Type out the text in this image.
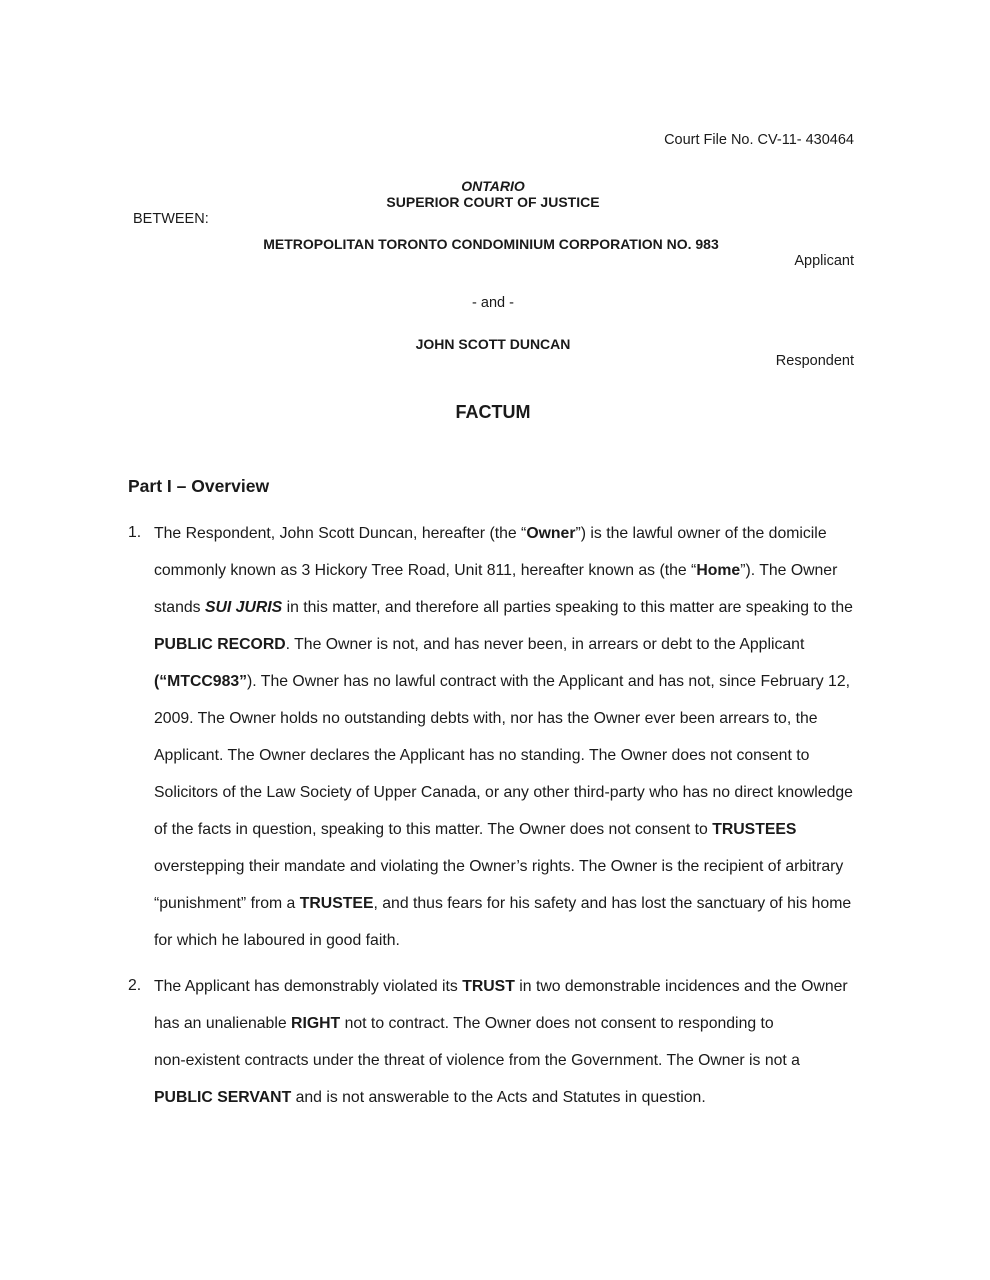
Court File No. CV-11- 430464
ONTARIO
SUPERIOR COURT OF JUSTICE
BETWEEN:
METROPOLITAN TORONTO CONDOMINIUM CORPORATION NO. 983
Applicant
- and -
JOHN SCOTT DUNCAN
Respondent
FACTUM
Part I – Overview
1. The Respondent, John Scott Duncan, hereafter (the “Owner”) is the lawful owner of the domicile
commonly known as 3 Hickory Tree Road, Unit 811, hereafter known as (the “Home”). The Owner
stands SUI JURIS in this matter, and therefore all parties speaking to this matter are speaking to the
PUBLIC RECORD. The Owner is not, and has never been, in arrears or debt to the Applicant
(“MTCC983”). The Owner has no lawful contract with the Applicant and has not, since February 12,
2009. The Owner holds no outstanding debts with, nor has the Owner ever been arrears to, the
Applicant. The Owner declares the Applicant has no standing. The Owner does not consent to
Solicitors of the Law Society of Upper Canada, or any other third-party who has no direct knowledge
of the facts in question, speaking to this matter. The Owner does not consent to TRUSTEES
overstepping their mandate and violating the Owner’s rights. The Owner is the recipient of arbitrary
“punishment” from a TRUSTEE, and thus fears for his safety and has lost the sanctuary of his home
for which he laboured in good faith.
2. The Applicant has demonstrably violated its TRUST in two demonstrable incidences and the Owner
has an unalienable RIGHT not to contract. The Owner does not consent to responding to
non-existent contracts under the threat of violence from the Government. The Owner is not a
PUBLIC SERVANT and is not answerable to the Acts and Statutes in question.
